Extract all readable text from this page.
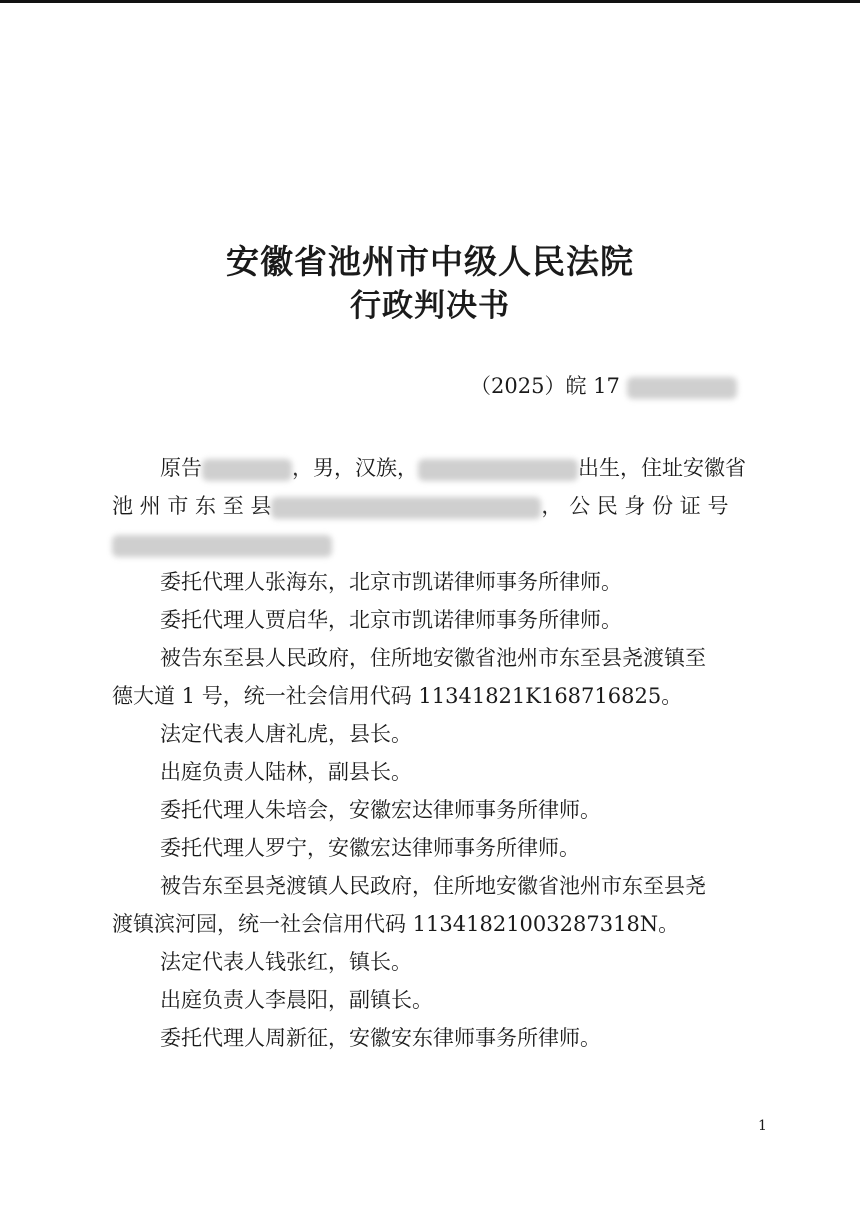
安徽省池州市中级人民法院
行政判决书
（2025）皖 17
原告	，男，汉族，	出生，住址安徽省
池 州 市 东 至 县	， 公 民 身 份 证 号
委托代理人张海东，北京市凯诺律师事务所律师。
委托代理人贾启华，北京市凯诺律师事务所律师。
被告东至县人民政府，住所地安徽省池州市东至县尧渡镇至
德大道 1 号，统一社会信用代码 11341821K168716825。
法定代表人唐礼虎，县长。
出庭负责人陆林，副县长。
委托代理人朱培会，安徽宏达律师事务所律师。
委托代理人罗宁，安徽宏达律师事务所律师。
被告东至县尧渡镇人民政府，住所地安徽省池州市东至县尧
渡镇滨河园，统一社会信用代码 11341821003287318N。
法定代表人钱张红，镇长。
出庭负责人李晨阳，副镇长。
委托代理人周新征，安徽安东律师事务所律师。
1
